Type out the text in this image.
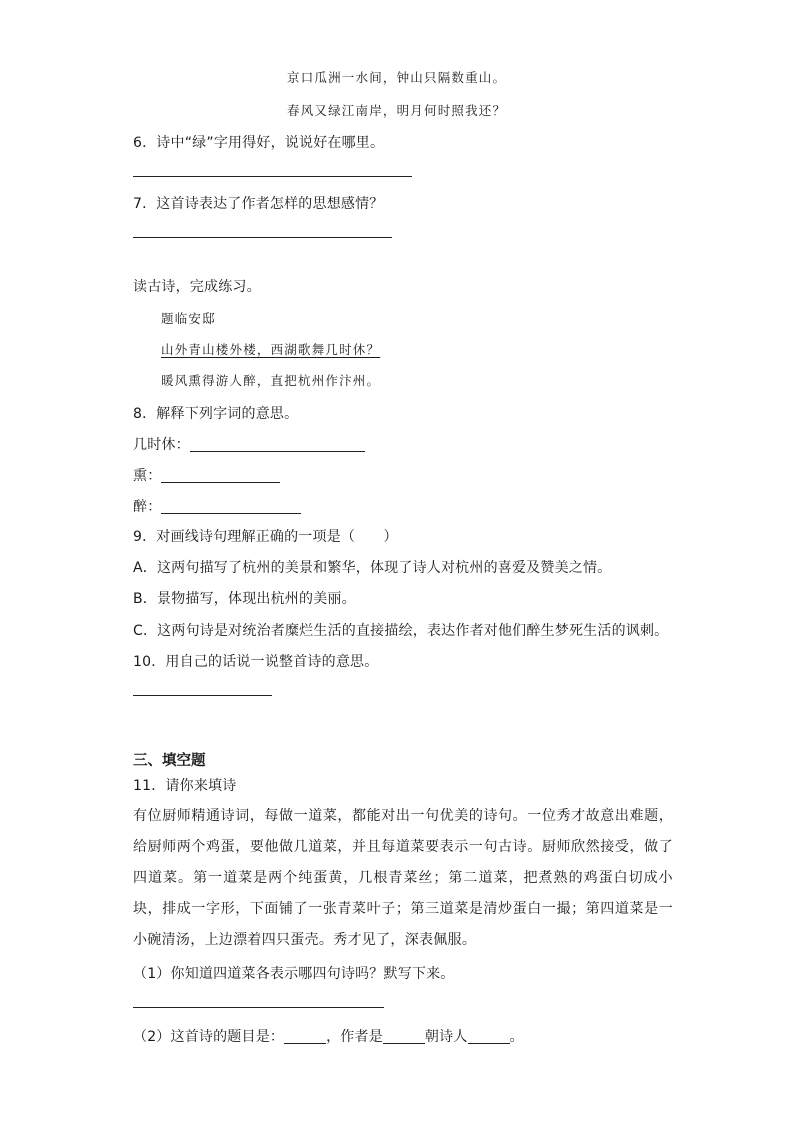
京口瓜洲一水间，钟山只隔数重山。
春风又绿江南岸，明月何时照我还？
6．诗中“绿”字用得好，说说好在哪里。
7．这首诗表达了作者怎样的思想感情？
读古诗，完成练习。
题临安邸
山外青山楼外楼，西湖歌舞几时休？
暖风熏得游人醉，直把杭州作汴州。
8．解释下列字词的意思。
几时休：
熏：
醉：
9．对画线诗句理解正确的一项是（　　）
A．这两句描写了杭州的美景和繁华，体现了诗人对杭州的喜爱及赞美之情。
B．景物描写，体现出杭州的美丽。
C．这两句诗是对统治者糜烂生活的直接描绘，表达作者对他们醉生梦死生活的讽刺。
10．用自己的话说一说整首诗的意思。
三、填空题
11．请你来填诗
有位厨师精通诗词，每做一道菜，都能对出一句优美的诗句。一位秀才故意出难题，给厨师两个鸡蛋，要他做几道菜，并且每道菜要表示一句古诗。厨师欣然接受，做了四道菜。第一道菜是两个纯蛋黄，几根青菜丝；第二道菜，把煮熟的鸡蛋白切成小块，排成一字形，下面铺了一张青菜叶子；第三道菜是清炒蛋白一撮；第四道菜是一小碗清汤，上边漂着四只蛋壳。秀才见了，深表佩服。
（1）你知道四道菜各表示哪四句诗吗？默写下来。
（2）这首诗的题目是：	，作者是	朝诗人	。
